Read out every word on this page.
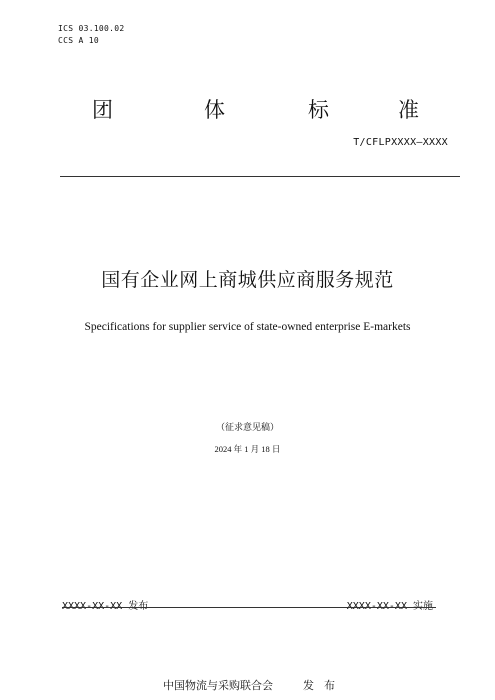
ICS 03.100.02
CCS A 10
团	体	标	准
T/CFLPXXXX—XXXX
国有企业网上商城供应商服务规范
Specifications for supplier service of state-owned enterprise E-markets
（征求意见稿）
2024 年 1 月 18 日
XXXX-XX-XX 发布	XXXX-XX-XX 实施
中国物流与采购联合会	发布
